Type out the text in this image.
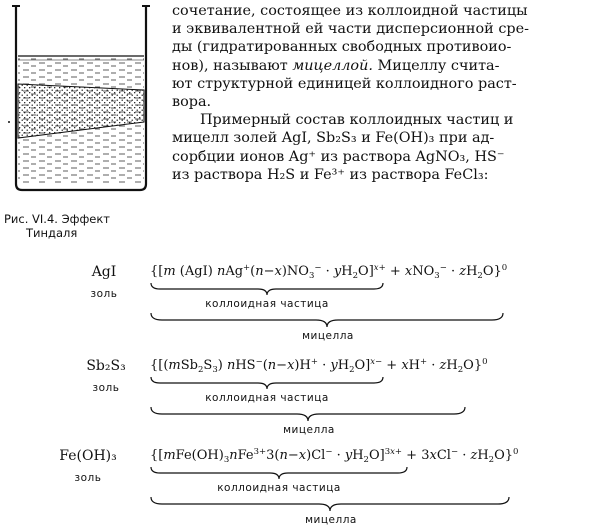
Рис. VI.4. Эффект
Тиндаля

сочетание, состоящее из коллоидной частицы

и эквивалентной ей части дисперсионной сре-

ды (гидратированных свободных противоио-

нов), называют мицеллой. Мицеллу счита-

ют структурной единицей коллоидного раст-

вора.

Примерный состав коллоидных частиц и

мицелл золей AgI, Sb₂S₃ и Fe(OH)₃ при ад-

сорбции ионов Ag⁺ из раствора AgNO₃, HS⁻

из раствора H₂S и Fe³⁺ из раствора FeCl₃:

AgI
золь
{[m (AgI) $nAg^+(n-x)NO_3^- \cdot yH_2O]^{x+} + xNO_3^- \cdot zH_2O\}^0$
коллоидная частица
мицелла
Sb₂S₃
золь
$\{[(mSb_2S_3) nHS^-(n-x)H^+ \cdot yH_2O]^{x-} + xH^+ \cdot zH_2O\}^0$
коллоидная частица
мицелла
Fe(OH)₃
золь
$\{[mFe(OH)_3nFe^{3+}3(n-x)Cl^- \cdot yH_2O]^{3x+} + 3xCl^- \cdot zH_2O\}^0$
коллоидная частица
мицелла
